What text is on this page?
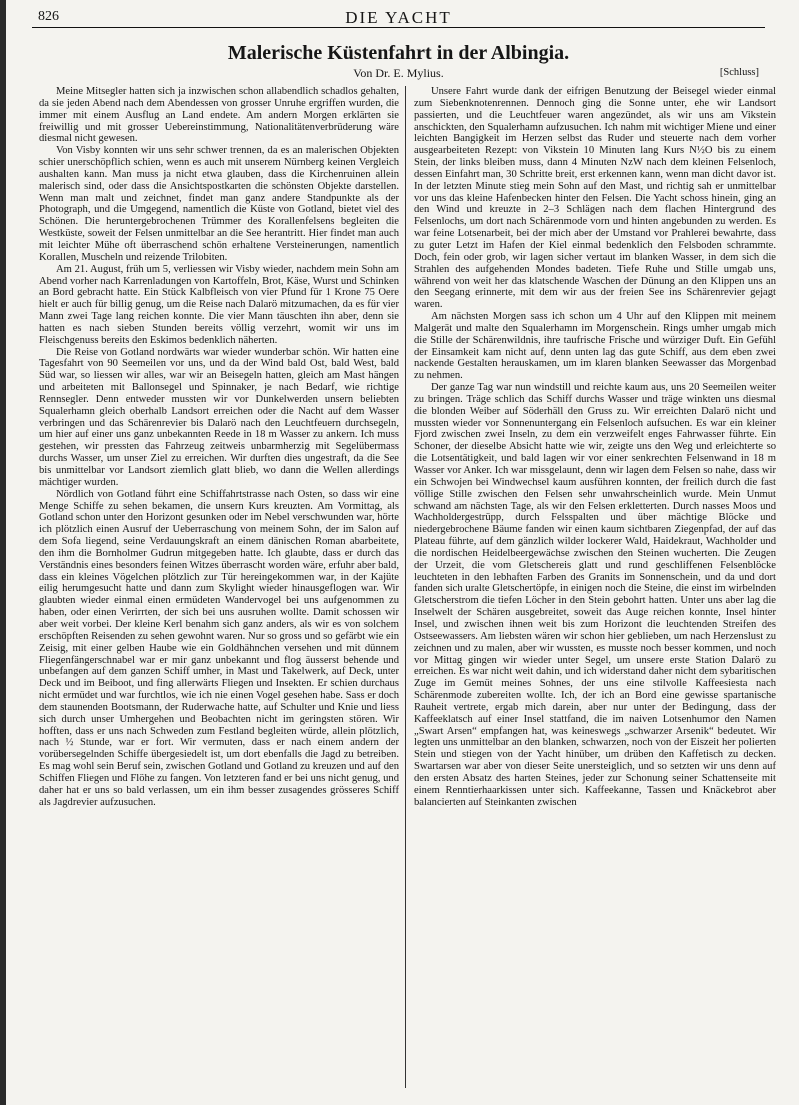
826	DIE YACHT
Malerische Küstenfahrt in der Albingia.
Von Dr. E. Mylius.	[Schluss]

Meine Mitsegler hatten sich ja inzwischen schon allabendlich schadlos gehalten, da sie jeden Abend nach dem Abendessen von grosser Unruhe ergriffen wurden, die immer mit einem Ausflug an Land endete. Am andern Morgen erklärten sie freiwillig und mit grosser Uebereinstimmung, Nationalitätenverbrüderung wäre diesmal nicht gewesen.

Von Visby konnten wir uns sehr schwer trennen, da es an malerischen Objekten schier unerschöpflich schien, wenn es auch mit unserem Nürnberg keinen Vergleich aushalten kann. Man muss ja nicht etwa glauben, dass die Kirchenruinen allein malerisch sind, oder dass die Ansichtspostkarten die schönsten Objekte darstellen. Wenn man malt und zeichnet, findet man ganz andere Standpunkte als der Photograph, und die Umgegend, namentlich die Küste von Gotland, bietet viel des Schönen. Die heruntergebrochenen Trümmer des Korallenfelsens begleiten die Westküste, soweit der Felsen unmittelbar an die See herantritt. Hier findet man auch mit leichter Mühe oft überraschend schön erhaltene Versteinerungen, namentlich Korallen, Muscheln und reizende Trilobiten.

Am 21. August, früh um 5, verliessen wir Visby wieder, nachdem mein Sohn am Abend vorher nach Karrenladungen von Kartoffeln, Brot, Käse, Wurst und Schinken an Bord gebracht hatte. Ein Stück Kalbfleisch von vier Pfund für 1 Krone 75 Oere hielt er auch für billig genug, um die Reise nach Dalarö mitzumachen, da es für vier Mann zwei Tage lang reichen konnte. Die vier Mann täuschten ihn aber, denn sie hatten es nach sieben Stunden bereits völlig verzehrt, womit wir uns im Fleischgenuss bereits den Eskimos bedenklich näherten.

Die Reise von Gotland nordwärts war wieder wunderbar schön. Wir hatten eine Tagesfahrt von 90 Seemeilen vor uns, und da der Wind bald Ost, bald West, bald Süd war, so liessen wir alles, war wir an Beisegeln hatten, gleich am Mast hängen und arbeiteten mit Ballonsegel und Spinnaker, je nach Bedarf, wie richtige Rennsegler. Denn entweder mussten wir vor Dunkelwerden unsern beliebten Squalerhamn gleich oberhalb Landsort erreichen oder die Nacht auf dem Wasser verbringen und das Schärenrevier bis Dalarö nach den Leuchtfeuern durchsegeln, um hier auf einer uns ganz unbekannten Reede in 18 m Wasser zu ankern. Ich muss gestehen, wir pressten das Fahrzeug zeitweis unbarmherzig mit Segelübermass durchs Wasser, um unser Ziel zu erreichen. Wir durften dies ungestraft, da die See bis unmittelbar vor Landsort ziemlich glatt blieb, wo dann die Wellen allerdings mächtiger wurden.

Nördlich von Gotland führt eine Schiffahrtstrasse nach Osten, so dass wir eine Menge Schiffe zu sehen bekamen, die unsern Kurs kreuzten. Am Vormittag, als Gotland schon unter den Horizont gesunken oder im Nebel verschwunden war, hörte ich plötzlich einen Ausruf der Ueberraschung von meinem Sohn, der im Salon auf dem Sofa liegend, seine Verdauungskraft an einem dänischen Roman abarbeitete, den ihm die Bornholmer Gudrun mitgegeben hatte. Ich glaubte, dass er durch das Verständnis eines besonders feinen Witzes überrascht worden wäre, erfuhr aber bald, dass ein kleines Vögelchen plötzlich zur Tür hereingekommen war, in der Kajüte eilig herumgesucht hatte und dann zum Skylight wieder hinausgeflogen war. Wir glaubten wieder einmal einen ermüdeten Wandervogel bei uns aufgenommen zu haben, oder einen Verirrten, der sich bei uns ausruhen wollte. Damit schossen wir aber weit vorbei. Der kleine Kerl benahm sich ganz anders, als wir es von solchem erschöpften Reisenden zu sehen gewohnt waren. Nur so gross und so gefärbt wie ein Zeisig, mit einer gelben Haube wie ein Goldhähnchen versehen und mit dünnem Fliegenfängerschnabel war er mir ganz unbekannt und flog äusserst behende und unbefangen auf dem ganzen Schiff umher, in Mast und Takelwerk, auf Deck, unter Deck und im Beiboot, und fing allerwärts Fliegen und Insekten. Er schien durchaus nicht ermüdet und war furchtlos, wie ich nie einen Vogel gesehen habe. Sass er doch dem staunenden Bootsmann, der Ruderwache hatte, auf Schulter und Knie und liess sich durch unser Umhergehen und Beobachten nicht im geringsten stören. Wir hofften, dass er uns nach Schweden zum Festland begleiten würde, allein plötzlich, nach ½ Stunde, war er fort. Wir vermuten, dass er nach einem andern der vorübersegelnden Schiffe übergesiedelt ist, um dort ebenfalls die Jagd zu betreiben. Es mag wohl sein Beruf sein, zwischen Gotland und Gotland zu kreuzen und auf den Schiffen Fliegen und Flöhe zu fangen. Von letzteren fand er bei uns nicht genug, und daher hat er uns so bald verlassen, um ein ihm besser zusagendes grösseres Schiff als Jagdrevier aufzusuchen.

Unsere Fahrt wurde dank der eifrigen Benutzung der Beisegel wieder einmal zum Siebenknotenrennen. Dennoch ging die Sonne unter, ehe wir Landsort passierten, und die Leuchtfeuer waren angezündet, als wir uns am Vikstein anschickten, den Squalerhamn aufzusuchen. Ich nahm mit wichtiger Miene und einer leichten Bangigkeit im Herzen selbst das Ruder und steuerte nach dem vorher ausgearbeiteten Rezept: von Vikstein 10 Minuten lang Kurs N½O bis zu einem Stein, der links bleiben muss, dann 4 Minuten NzW nach dem kleinen Felsenloch, dessen Einfahrt man, 30 Schritte breit, erst erkennen kann, wenn man dicht davor ist. In der letzten Minute stieg mein Sohn auf den Mast, und richtig sah er unmittelbar vor uns das kleine Hafenbecken hinter den Felsen. Die Yacht schoss hinein, ging an den Wind und kreuzte in 2–3 Schlägen nach dem flachen Hintergrund des Felsenlochs, um dort nach Schärenmode vorn und hinten angebunden zu werden. Es war feine Lotsenarbeit, bei der mich aber der Umstand vor Prahlerei bewahrte, dass zu guter Letzt im Hafen der Kiel einmal bedenklich den Felsboden schrammte. Doch, fein oder grob, wir lagen sicher vertaut im blanken Wasser, in dem sich die Strahlen des aufgehenden Mondes badeten. Tiefe Ruhe und Stille umgab uns, während von weit her das klatschende Waschen der Dünung an den Klippen uns an den Seegang erinnerte, mit dem wir aus der freien See ins Schärenrevier gejagt waren.

Am nächsten Morgen sass ich schon um 4 Uhr auf den Klippen mit meinem Malgerät und malte den Squalerhamn im Morgenschein. Rings umher umgab mich die Stille der Schärenwildnis, ihre taufrische Frische und würziger Duft. Ein Gefühl der Einsamkeit kam nicht auf, denn unten lag das gute Schiff, aus dem eben zwei nackende Gestalten herauskamen, um im klaren blanken Seewasser das Morgenbad zu nehmen.

Der ganze Tag war nun windstill und reichte kaum aus, uns 20 Seemeilen weiter zu bringen. Träge schlich das Schiff durchs Wasser und träge winkten uns diesmal die blonden Weiber auf Söderhäll den Gruss zu. Wir erreichten Dalarö nicht und mussten wieder vor Sonnenuntergang ein Felsenloch aufsuchen. Es war ein kleiner Fjord zwischen zwei Inseln, zu dem ein verzweifelt enges Fahrwasser führte. Ein Schoner, der dieselbe Absicht hatte wie wir, zeigte uns den Weg und erleichterte so die Lotsentätigkeit, und bald lagen wir vor einer senkrechten Felsenwand in 18 m Wasser vor Anker. Ich war missgelaunt, denn wir lagen dem Felsen so nahe, dass wir ein Schwojen bei Windwechsel kaum ausführen konnten, der freilich durch die fast völlige Stille zwischen den Felsen sehr unwahrscheinlich wurde. Mein Unmut schwand am nächsten Tage, als wir den Felsen erkletterten. Durch nasses Moos und Wachholdergestrüpp, durch Felsspalten und über mächtige Blöcke und niedergebrochene Bäume fanden wir einen kaum sichtbaren Ziegenpfad, der auf das Plateau führte, auf dem gänzlich wilder lockerer Wald, Haidekraut, Wachholder und die nordischen Heidelbeergewächse zwischen den Steinen wucherten. Die Zeugen der Urzeit, die vom Gletschereis glatt und rund geschliffenen Felsenblöcke leuchteten in den lebhaften Farben des Granits im Sonnenschein, und da und dort fanden sich uralte Gletschertöpfe, in einigen noch die Steine, die einst im wirbelnden Gletscherstrom die tiefen Löcher in den Stein gebohrt hatten. Unter uns aber lag die Inselwelt der Schären ausgebreitet, soweit das Auge reichen konnte, Insel hinter Insel, und zwischen ihnen weit bis zum Horizont die leuchtenden Streifen des Ostseewassers. Am liebsten wären wir schon hier geblieben, um nach Herzenslust zu zeichnen und zu malen, aber wir wussten, es musste noch besser kommen, und noch vor Mittag gingen wir wieder unter Segel, um unsere erste Station Dalarö zu erreichen. Es war nicht weit dahin, und ich widerstand daher nicht dem sybaritischen Zuge im Gemüt meines Sohnes, der uns eine stilvolle Kaffeesiesta nach Schärenmode zubereiten wollte. Ich, der ich an Bord eine gewisse spartanische Rauheit vertrete, ergab mich darein, aber nur unter der Bedingung, dass der Kaffeeklatsch auf einer Insel stattfand, die im naiven Lotsenhumor den Namen „Swart Arsen“ empfangen hat, was keineswegs „schwarzer Arsenik“ bedeutet. Wir legten uns unmittelbar an den blanken, schwarzen, noch von der Eiszeit her polierten Stein und stiegen von der Yacht hinüber, um drüben den Kaffetisch zu decken. Swartarsen war aber von dieser Seite unersteiglich, und so setzten wir uns denn auf den ersten Absatz des harten Steines, jeder zur Schonung seiner Schattenseite mit einem Renntierhaarkissen unter sich. Kaffeekanne, Tassen und Knäckebrot aber balancierten auf Steinkanten zwischen
